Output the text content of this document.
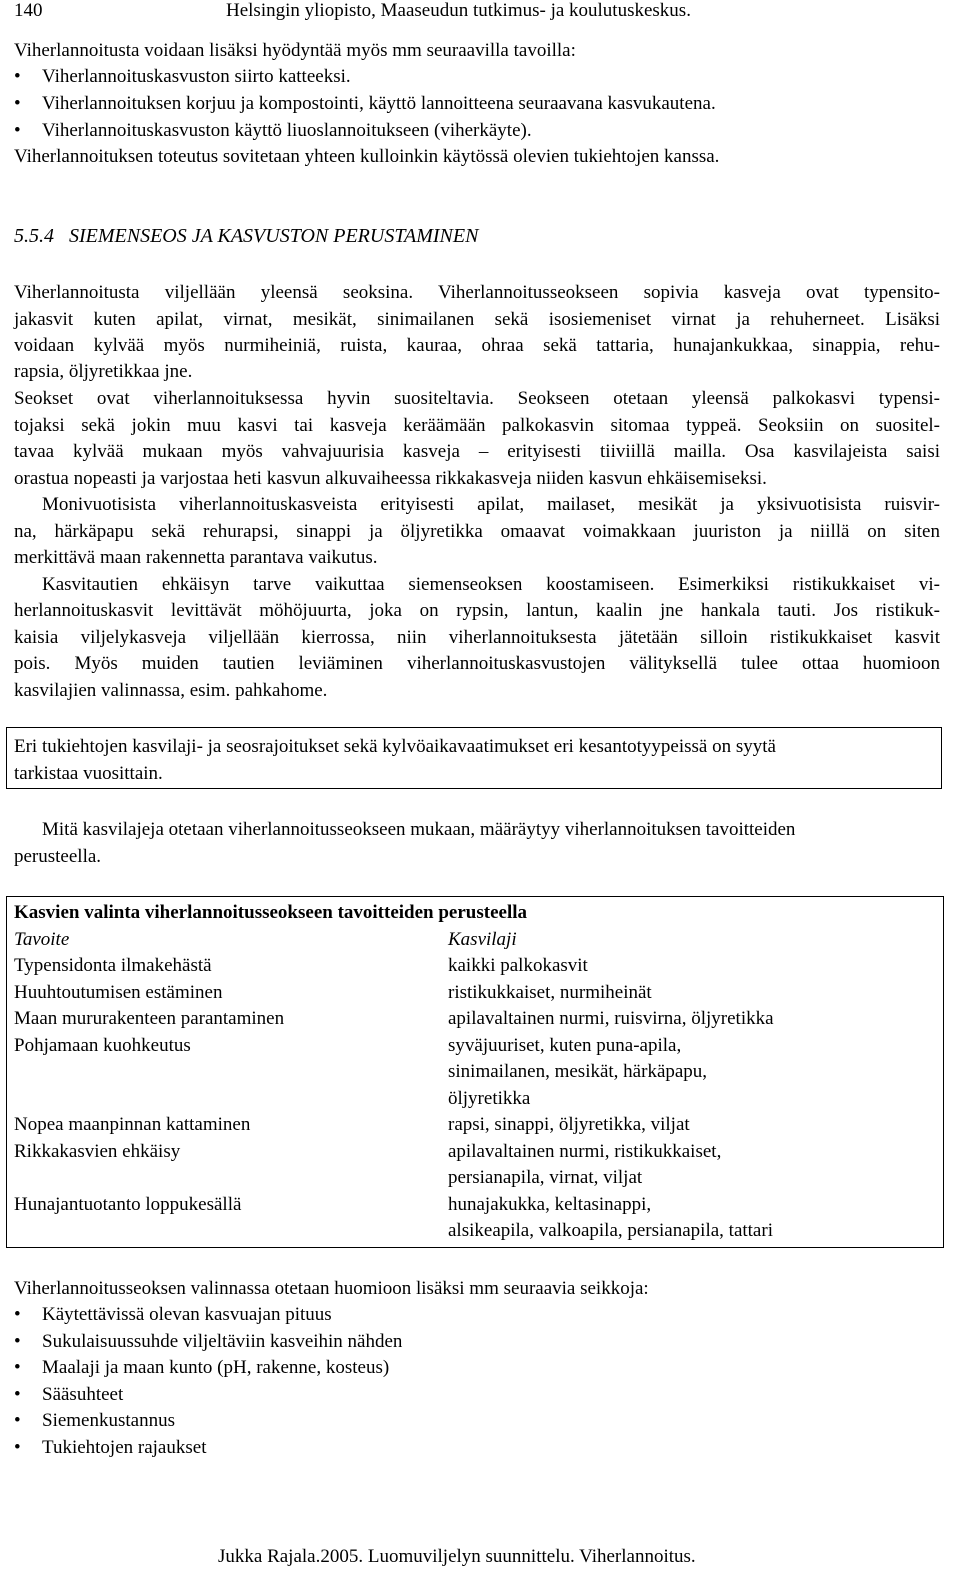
140	Helsingin yliopisto, Maaseudun tutkimus- ja koulutuskeskus.
Viherlannoitusta voidaan lisäksi hyödyntää myös mm seuraavilla tavoilla:
• Viherlannoituskasvuston siirto katteeksi.
• Viherlannoituksen korjuu ja kompostointi, käyttö lannoitteena seuraavana kasvukautena.
• Viherlannoituskasvuston käyttö liuoslannoitukseen (viherkäyte).
Viherlannoituksen toteutus sovitetaan yhteen kulloinkin käytössä olevien tukiehtojen kanssa.
5.5.4 SIEMENSEOS JA KASVUSTON PERUSTAMINEN
Viherlannoitusta viljellään yleensä seoksina. Viherlannoitusseokseen sopivia kasveja ovat typensito-
jakasvit kuten apilat, virnat, mesikät, sinimailanen sekä isosiemeniset virnat ja rehuherneet. Lisäksi
voidaan kylvää myös nurmiheiniä, ruista, kauraa, ohraa sekä tattaria, hunajankukkaa, sinappia, rehu-
rapsia, öljyretikkaa jne.
Seokset ovat viherlannoituksessa hyvin suositeltavia. Seokseen otetaan yleensä palkokasvi typensi-
tojaksi sekä jokin muu kasvi tai kasveja keräämään palkokasvin sitomaa typpeä. Seoksiin on suositel-
tavaa kylvää mukaan myös vahvajuurisia kasveja – erityisesti tiiviillä mailla. Osa kasvilajeista saisi
orastua nopeasti ja varjostaa heti kasvun alkuvaiheessa rikkakasveja niiden kasvun ehkäisemiseksi.
Monivuotisista viherlannoituskasveista erityisesti apilat, mailaset, mesikät ja yksivuotisista ruisvir-
na, härkäpapu sekä rehurapsi, sinappi ja öljyretikka omaavat voimakkaan juuriston ja niillä on siten
merkittävä maan rakennetta parantava vaikutus.
Kasvitautien ehkäisyn tarve vaikuttaa siemenseoksen koostamiseen. Esimerkiksi ristikukkaiset vi-
herlannoituskasvit levittävät möhöjuurta, joka on rypsin, lantun, kaalin jne hankala tauti. Jos ristikuk-
kaisia viljelykasveja viljellään kierrossa, niin viherlannoituksesta jätetään silloin ristikukkaiset kasvit
pois. Myös muiden tautien leviäminen viherlannoituskasvustojen välityksellä tulee ottaa huomioon
kasvilajien valinnassa, esim. pahkahome.
Eri tukiehtojen kasvilaji- ja seosrajoitukset sekä kylvöaikavaatimukset eri kesantotyypeissä on syytä
tarkistaa vuosittain.
Mitä kasvilajeja otetaan viherlannoitusseokseen mukaan, määräytyy viherlannoituksen tavoitteiden
perusteella.
Kasvien valinta viherlannoitusseokseen tavoitteiden perusteella
Tavoite	Kasvilaji
Typensidonta ilmakehästä	kaikki palkokasvit
Huuhtoutumisen estäminen	ristikukkaiset, nurmiheinät
Maan mururakenteen parantaminen	apilavaltainen nurmi, ruisvirna, öljyretikka
Pohjamaan kuohkeutus	syväjuuriset, kuten puna-apila,
sinimailanen, mesikät, härkäpapu,
öljyretikka
Nopea maanpinnan kattaminen	rapsi, sinappi, öljyretikka, viljat
Rikkakasvien ehkäisy	apilavaltainen nurmi, ristikukkaiset,
persianapila, virnat, viljat
Hunajantuotanto loppukesällä	hunajakukka, keltasinappi,
alsikeapila, valkoapila, persianapila, tattari
Viherlannoitusseoksen valinnassa otetaan huomioon lisäksi mm seuraavia seikkoja:
• Käytettävissä olevan kasvuajan pituus
• Sukulaisuussuhde viljeltäviin kasveihin nähden
• Maalaji ja maan kunto (pH, rakenne, kosteus)
• Sääsuhteet
• Siemenkustannus
• Tukiehtojen rajaukset
Jukka Rajala.2005. Luomuviljelyn suunnittelu. Viherlannoitus.
